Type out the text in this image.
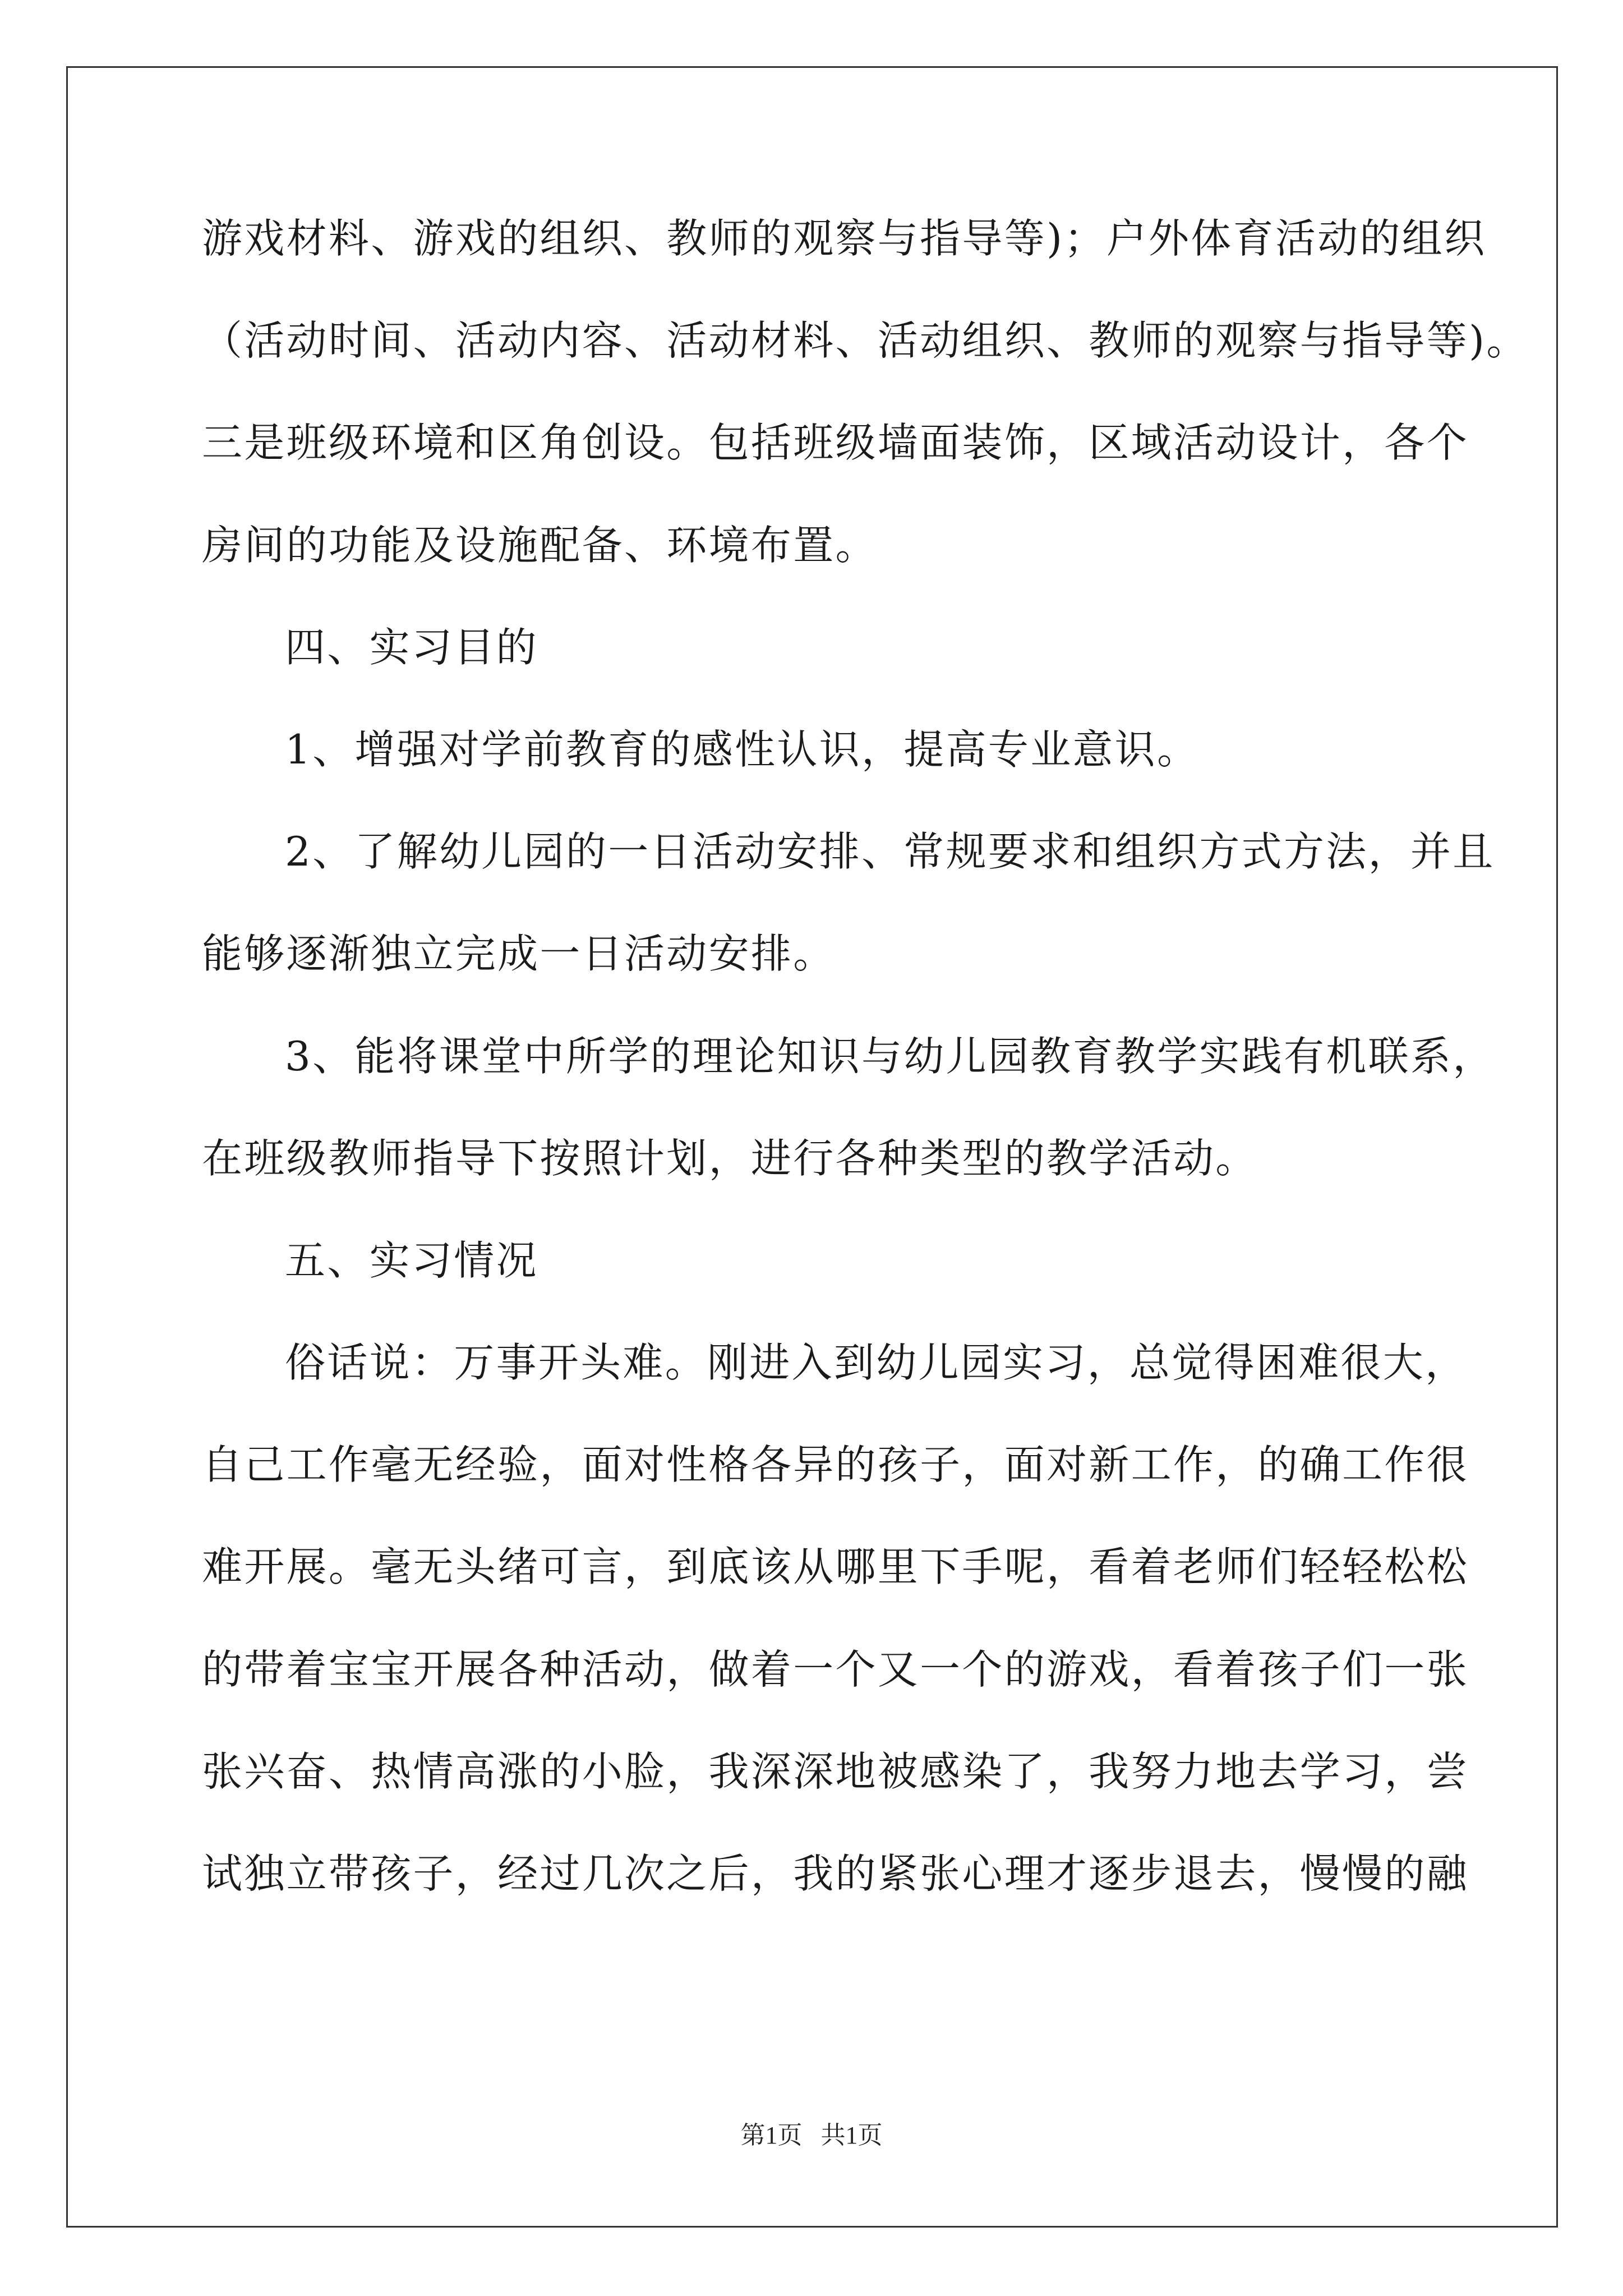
游戏材料、游戏的组织、教师的观察与指导等)；户外体育活动的组织
（活动时间、活动内容、活动材料、活动组织、教师的观察与指导等)。
三是班级环境和区角创设。包括班级墙面装饰，区域活动设计，各个
房间的功能及设施配备、环境布置。
四、实习目的
1、增强对学前教育的感性认识，提高专业意识。
2、了解幼儿园的一日活动安排、常规要求和组织方式方法，并且
能够逐渐独立完成一日活动安排。
3、能将课堂中所学的理论知识与幼儿园教育教学实践有机联系，
在班级教师指导下按照计划，进行各种类型的教学活动。
五、实习情况
俗话说：万事开头难。刚进入到幼儿园实习，总觉得困难很大，
自己工作毫无经验，面对性格各异的孩子，面对新工作，的确工作很
难开展。毫无头绪可言，到底该从哪里下手呢，看着老师们轻轻松松
的带着宝宝开展各种活动，做着一个又一个的游戏，看着孩子们一张
张兴奋、热情高涨的小脸，我深深地被感染了，我努力地去学习，尝
试独立带孩子，经过几次之后，我的紧张心理才逐步退去，慢慢的融
第1页   共1页
